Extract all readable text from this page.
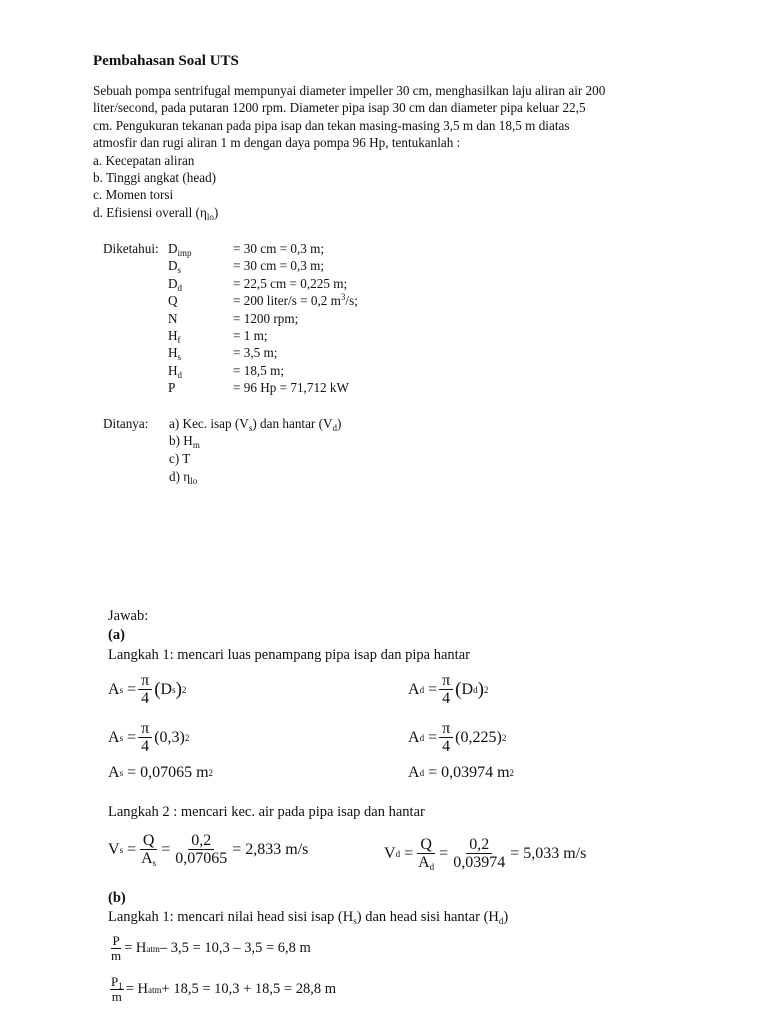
Pembahasan Soal UTS

Sebuah pompa sentrifugal mempunyai diameter impeller 30 cm, menghasilkan laju aliran air 200
liter/second, pada putaran 1200 rpm. Diameter pipa isap 30 cm dan diameter pipa keluar 22,5
cm. Pengukuran tekanan pada pipa isap dan tekan masing-masing 3,5 m dan 18,5 m diatas
atmosfir dan rugi aliran 1 m dengan daya pompa 96 Hp, tentukanlah :

a. Kecepatan aliran
b. Tinggi angkat (head)
c. Momen torsi
d. Efisiensi overall $(\eta_{lo})$
Diketahui: $D_{imp}$	= 30 cm = 0,3 m;
$D_s$	= 30 cm = 0,3 m;
$D_d$	= 22,5 cm = 0,225 m;
Q	= 200 liter/s = 0,2 $m^3/s$;
N	= 1200 rpm;
$H_f$	= 1 m;
$H_s$	= 3,5 m;
$H_d$	= 18,5 m;
P	= 96 Hp = 71,712 kW
Ditanya: a) Kec. isap $(V_s)$ dan hantar $(V_d)$
b) $H_m$
c) T
d) $\eta_{lo}$
Jawab:
(a)
Langkah 1: mencari luas penampang pipa isap dan pipa hantar
A s
= $\frac{\pi}{4}$ ( D s ) 2	A d
= $\frac{\pi}{4}$ ( D d ) 2
A s
= $\frac{\pi}{4} (0,3)$ 2	A d
= $\frac{\pi}{4} (0,225)$ 2
A s
= 0,07065 m 2	A d
= 0,03974 m 2
Langkah 2 : mencari kec. air pada pipa isap dan hantar
V s
= $\frac{Q}{A_s} = \frac{0,2}{0,07065} = 2,833$ m/s	V d
= $\frac{Q}{A_d} = \frac{0,2}{0,03974} = 5,033$ m/s
(b)
Langkah 1: mencari nilai head sisi isap $(H_s)$ dan head sisi hantar $(H_d)$
$\frac{P}{m} = H$ atm – 3,5 = 10,3 – 3,5 = 6,8 m
$\frac{P_1}{m} = H$ atm + 18,5 = 10,3 + 18,5 = 28,8 m
